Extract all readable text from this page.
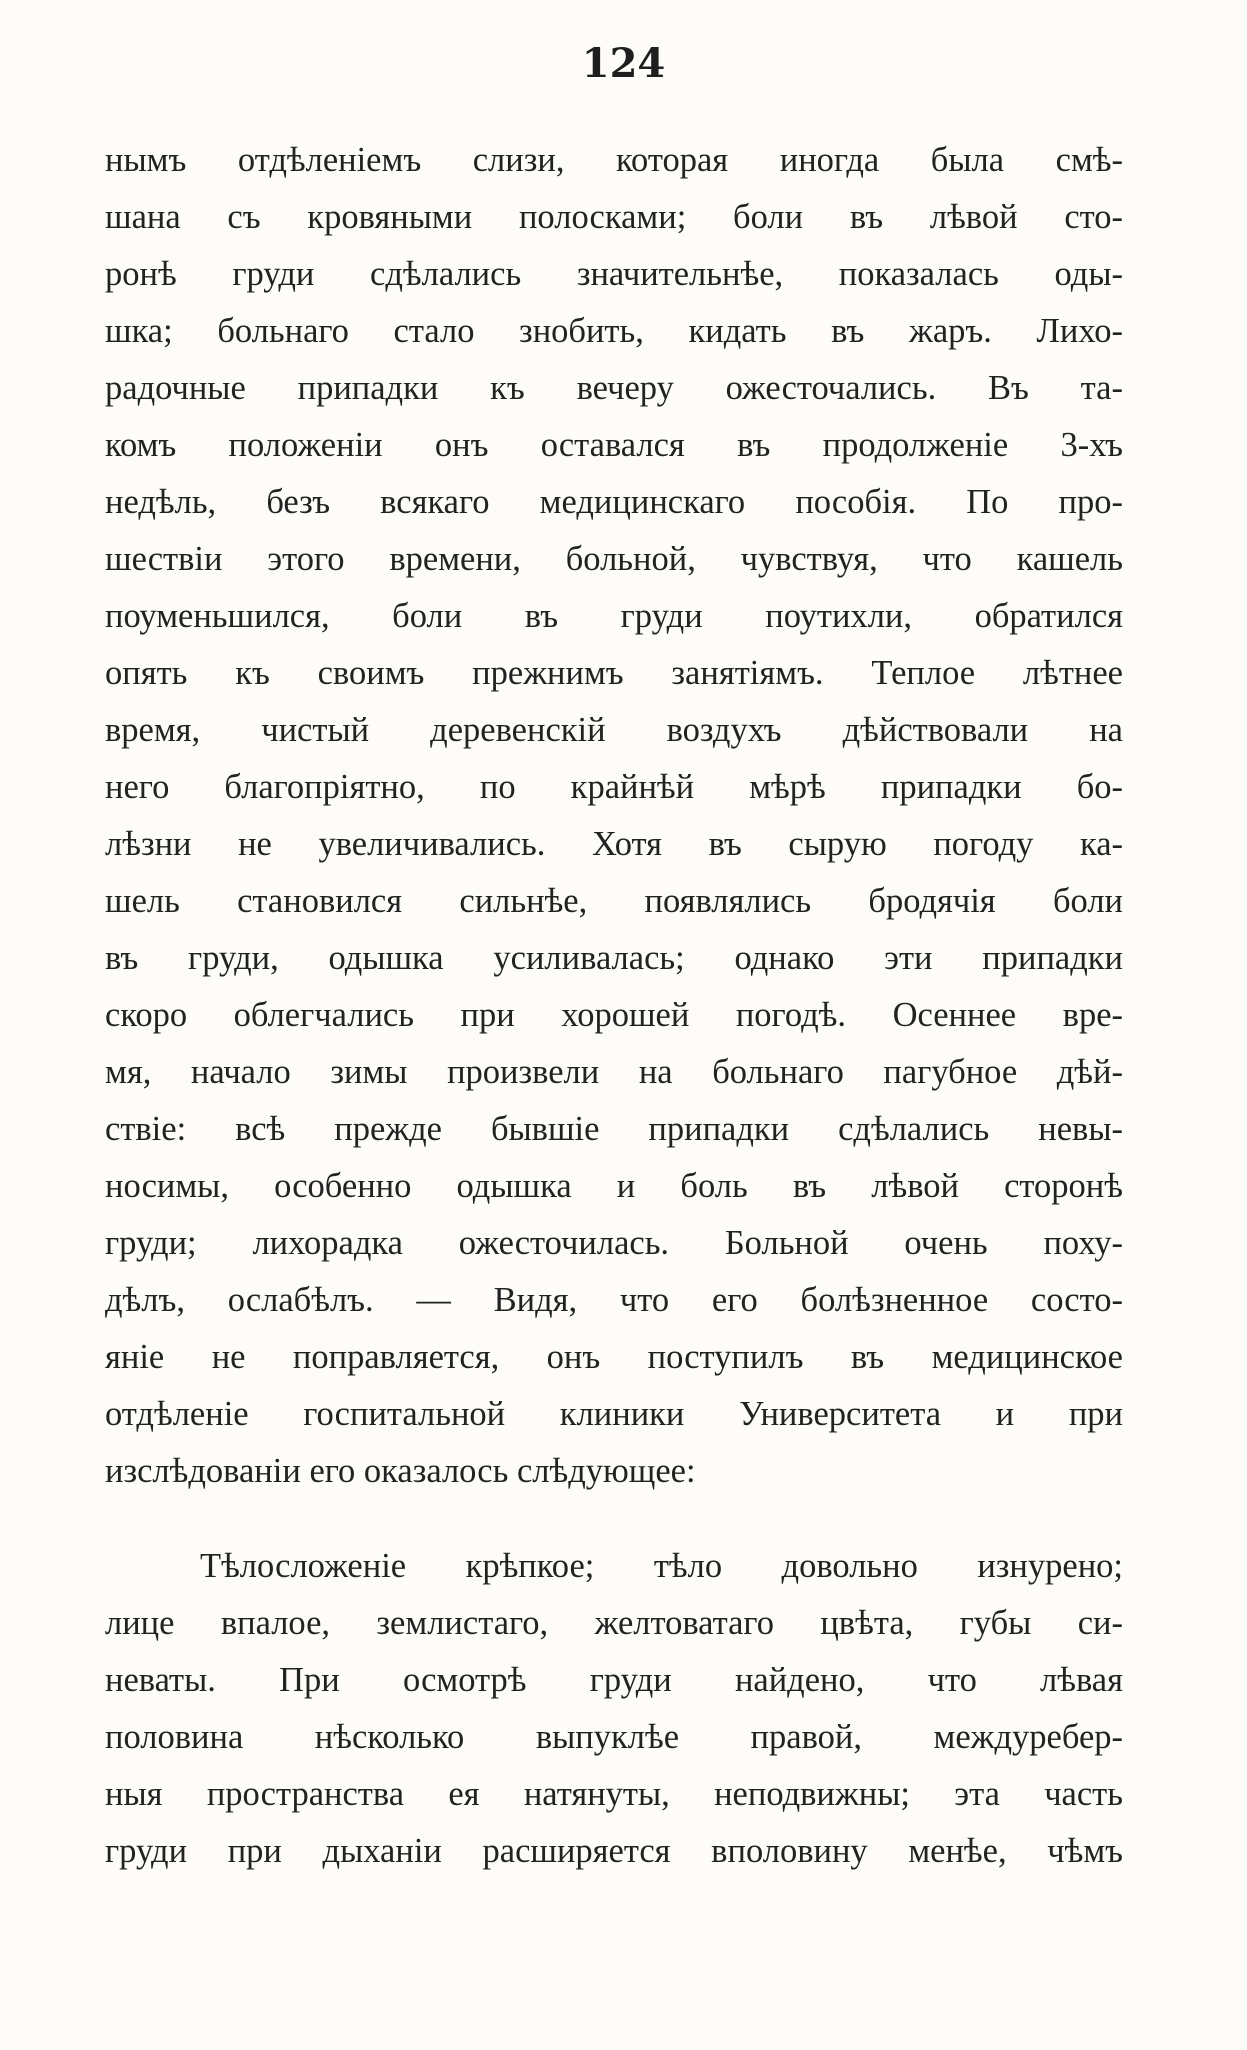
124
нымъ отдѣленіемъ слизи, которая иногда была смѣ-
шана съ кровяными полосками; боли въ лѣвой сто-
ронѣ груди сдѣлались значительнѣе, показалась оды-
шка; больнаго стало знобить, кидать въ жаръ. Лихо-
радочные припадки къ вечеру ожесточались. Въ та-
комъ положеніи онъ оставался въ продолженіе 3-хъ
недѣль, безъ всякаго медицинскаго пособія. По про-
шествіи этого времени, больной, чувствуя, что кашель
поуменьшился, боли въ груди поутихли, обратился
опять къ своимъ прежнимъ занятіямъ. Теплое лѣтнее
время, чистый деревенскій воздухъ дѣйствовали на
него благопріятно, по крайнѣй мѣрѣ припадки бо-
лѣзни не увеличивались. Хотя въ сырую погоду ка-
шель становился сильнѣе, появлялись бродячія боли
въ груди, одышка усиливалась; однако эти припадки
скоро облегчались при хорошей погодѣ. Осеннее вре-
мя, начало зимы произвели на больнаго пагубное дѣй-
ствіе: всѣ прежде бывшіе припадки сдѣлались невы-
носимы, особенно одышка и боль въ лѣвой сторонѣ
груди; лихорадка ожесточилась. Больной очень поху-
дѣлъ, ослабѣлъ. — Видя, что его болѣзненное состо-
яніе не поправляется, онъ поступилъ въ медицинское
отдѣленіе госпитальной клиники Университета и при
изслѣдованіи его оказалось слѣдующее:
Тѣлосложеніе крѣпкое; тѣло довольно изнурено;
лице впалое, землистаго, желтоватаго цвѣта, губы си-
неваты. При осмотрѣ груди найдено, что лѣвая
половина нѣсколько выпуклѣе правой, междуребер-
ныя пространства ея натянуты, неподвижны; эта часть
груди при дыханіи расширяется вполовину менѣе, чѣмъ
